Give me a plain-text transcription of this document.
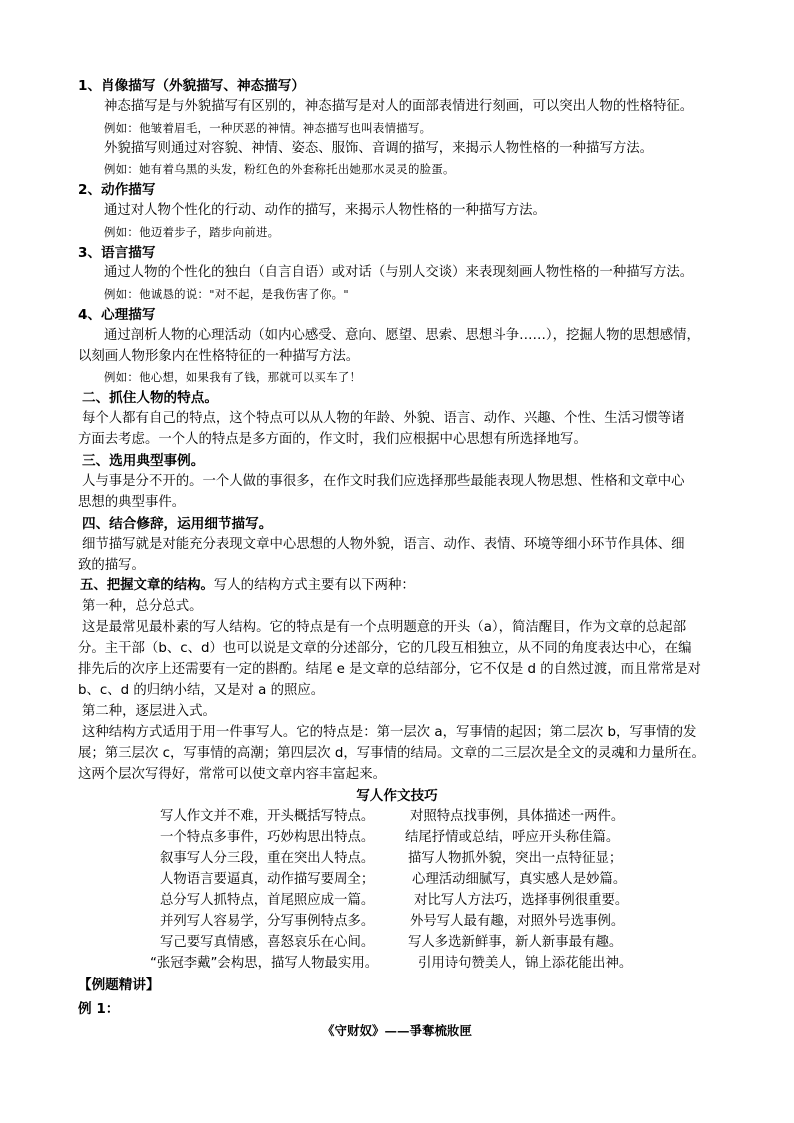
1、肖像描写（外貌描写、神态描写）
神态描写是与外貌描写有区别的，神态描写是对人的面部表情进行刻画，可以突出人物的性格特征。
例如：他皱着眉毛，一种厌恶的神情。神态描写也叫表情描写。
外貌描写则通过对容貌、神情、姿态、服饰、音调的描写，来揭示人物性格的一种描写方法。
例如：她有着乌黑的头发，粉红色的外套称托出她那水灵灵的脸蛋。
2、动作描写
通过对人物个性化的行动、动作的描写，来揭示人物性格的一种描写方法。
例如：他迈着步子，踏步向前进。
3、语言描写
通过人物的个性化的独白（自言自语）或对话（与别人交谈）来表现刻画人物性格的一种描写方法。
例如：他诚恳的说："对不起，是我伤害了你。"
4、心理描写
通过剖析人物的心理活动（如内心感受、意向、愿望、思索、思想斗争……），挖掘人物的思想感情，
以刻画人物形象内在性格特征的一种描写方法。
例如：他心想，如果我有了钱，那就可以买车了！
二、抓住人物的特点。
每个人都有自己的特点，这个特点可以从人物的年龄、外貌、语言、动作、兴趣、个性、生活习惯等诸
方面去考虑。一个人的特点是多方面的，作文时，我们应根据中心思想有所选择地写。
三、选用典型事例。
人与事是分不开的。一个人做的事很多，在作文时我们应选择那些最能表现人物思想、性格和文章中心
思想的典型事件。
四、结合修辞，运用细节描写。
细节描写就是对能充分表现文章中心思想的人物外貌，语言、动作、表情、环境等细小环节作具体、细
致的描写。
五、把握文章的结构。写人的结构方式主要有以下两种：
第一种，总分总式。
这是最常见最朴素的写人结构。它的特点是有一个点明题意的开头（a），简洁醒目，作为文章的总起部
分。主干部（b、c、d）也可以说是文章的分述部分，它的几段互相独立，从不同的角度表达中心，在编
排先后的次序上还需要有一定的斟酌。结尾 e 是文章的总结部分，它不仅是 d 的自然过渡，而且常常是对
b、c、d 的归纳小结，又是对 a 的照应。
第二种，逐层进入式。
这种结构方式适用于用一件事写人。它的特点是：第一层次 a，写事情的起因；第二层次 b，写事情的发
展；第三层次 c，写事情的高潮；第四层次 d，写事情的结局。文章的二三层次是全文的灵魂和力量所在。
这两个层次写得好，常常可以使文章内容丰富起来。
写人作文技巧
写人作文并不难，开头概括写特点。	对照特点找事例，具体描述一两件。
一个特点多事件，巧妙构思出特点。 结尾抒情或总结，呼应开头称佳篇。
叙事写人分三段，重在突出人特点。	描写人物抓外貌，突出一点特征显；
人物语言要逼真，动作描写要周全；	心理活动细腻写，真实感人是妙篇。
总分写人抓特点，首尾照应成一篇。	对比写人方法巧，选择事例很重要。
并列写人容易学，分写事例特点多。	外号写人最有趣，对照外号选事例。
写己要写真情感，喜怒哀乐在心间。	写人多选新鲜事，新人新事最有趣。
“张冠李戴”会构思，描写人物最实用。	引用诗句赞美人，锦上添花能出神。
【例题精讲】
例 1：
《守财奴》——爭奪梳妝匣
